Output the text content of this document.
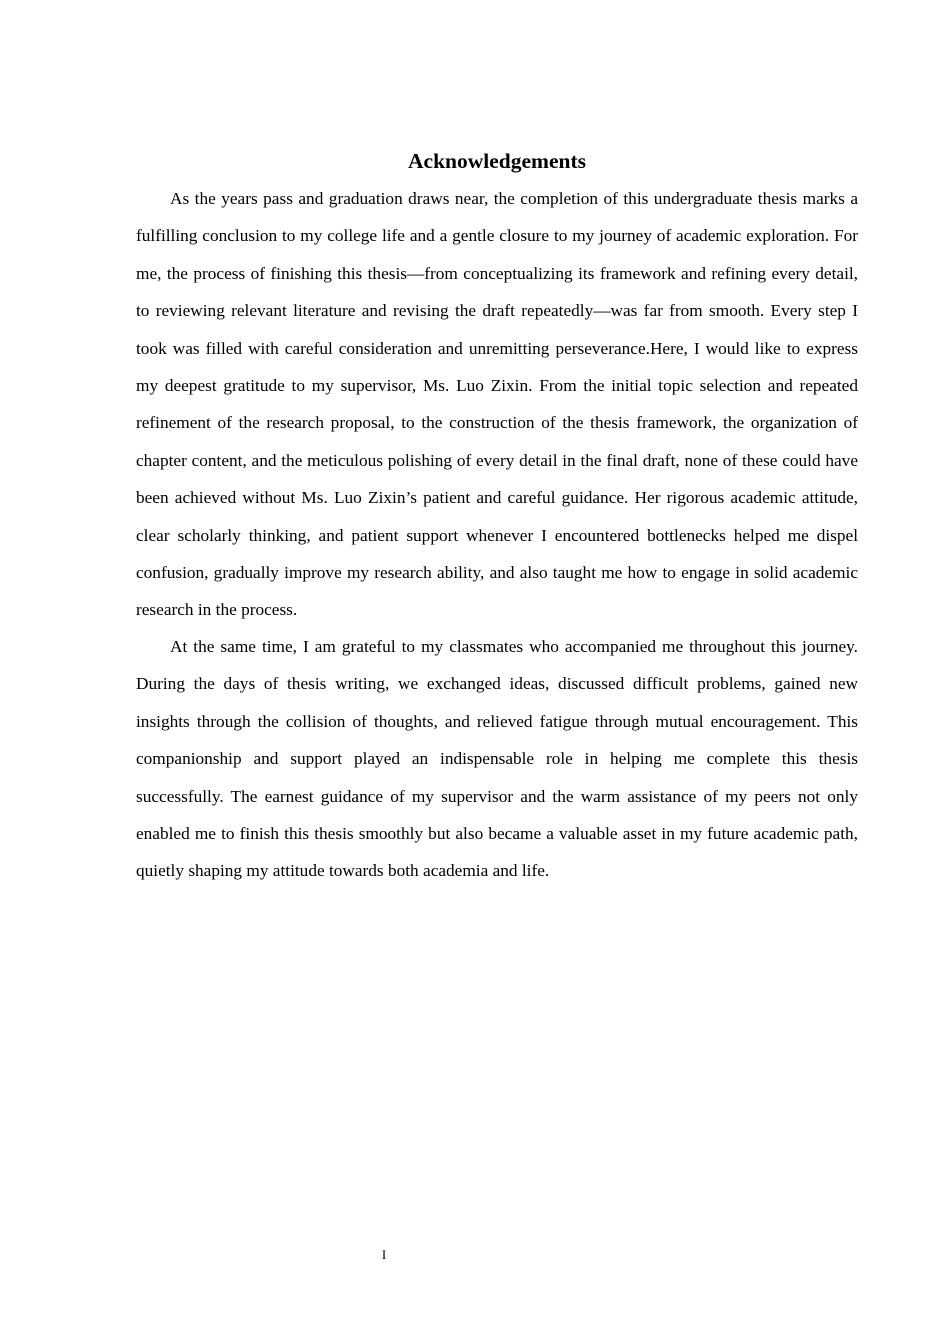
Acknowledgements

As the years pass and graduation draws near, the completion of this undergraduate thesis marks a fulfilling conclusion to my college life and a gentle closure to my journey of academic exploration. For me, the process of finishing this thesis—from conceptualizing its framework and refining every detail, to reviewing relevant literature and revising the draft repeatedly—was far from smooth. Every step I took was filled with careful consideration and unremitting perseverance.Here, I would like to express my deepest gratitude to my supervisor, Ms. Luo Zixin. From the initial topic selection and repeated refinement of the research proposal, to the construction of the thesis framework, the organization of chapter content, and the meticulous polishing of every detail in the final draft, none of these could have been achieved without Ms. Luo Zixin’s patient and careful guidance. Her rigorous academic attitude, clear scholarly thinking, and patient support whenever I encountered bottlenecks helped me dispel confusion, gradually improve my research ability, and also taught me how to engage in solid academic research in the process.

At the same time, I am grateful to my classmates who accompanied me throughout this journey. During the days of thesis writing, we exchanged ideas, discussed difficult problems, gained new insights through the collision of thoughts, and relieved fatigue through mutual encouragement. This companionship and support played an indispensable role in helping me complete this thesis successfully. The earnest guidance of my supervisor and the warm assistance of my peers not only enabled me to finish this thesis smoothly but also became a valuable asset in my future academic path, quietly shaping my attitude towards both academia and life.

I
